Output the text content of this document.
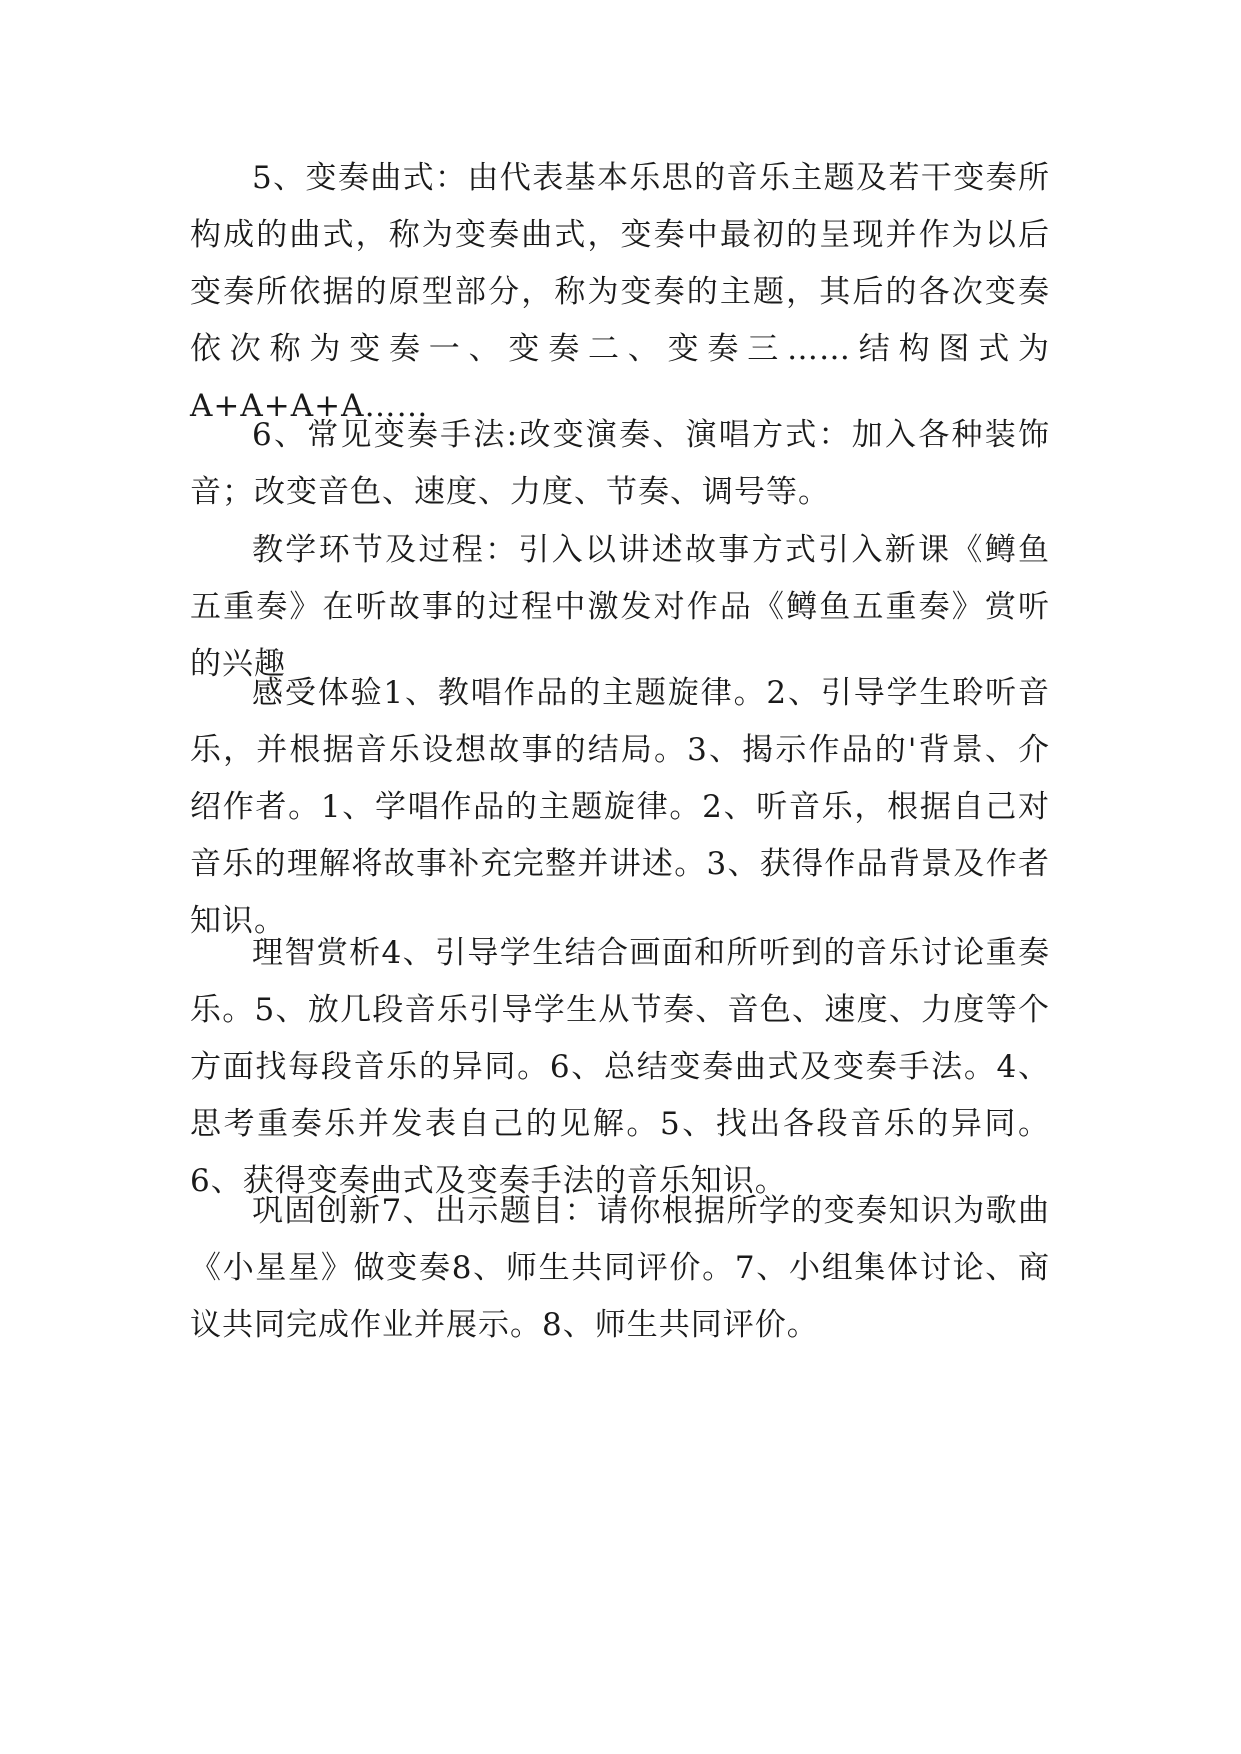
5、变奏曲式：由代表基本乐思的音乐主题及若干变奏所构成的曲式，称为变奏曲式，变奏中最初的呈现并作为以后变奏所依据的原型部分，称为变奏的主题，其后的各次变奏依次称为变奏一、变奏二、变奏三……结构图式为A+A+A+A……

6、常见变奏手法:改变演奏、演唱方式：加入各种装饰音；改变音色、速度、力度、节奏、调号等。

教学环节及过程：引入以讲述故事方式引入新课《鳟鱼五重奏》在听故事的过程中激发对作品《鳟鱼五重奏》赏听的兴趣

感受体验1、教唱作品的主题旋律。2、引导学生聆听音乐，并根据音乐设想故事的结局。3、揭示作品的'背景、介绍作者。1、学唱作品的主题旋律。2、听音乐，根据自己对音乐的理解将故事补充完整并讲述。3、获得作品背景及作者知识。

理智赏析4、引导学生结合画面和所听到的音乐讨论重奏乐。5、放几段音乐引导学生从节奏、音色、速度、力度等个方面找每段音乐的异同。6、总结变奏曲式及变奏手法。4、思考重奏乐并发表自己的见解。5、找出各段音乐的异同。6、获得变奏曲式及变奏手法的音乐知识。

巩固创新7、出示题目：请你根据所学的变奏知识为歌曲《小星星》做变奏8、师生共同评价。7、小组集体讨论、商议共同完成作业并展示。8、师生共同评价。
